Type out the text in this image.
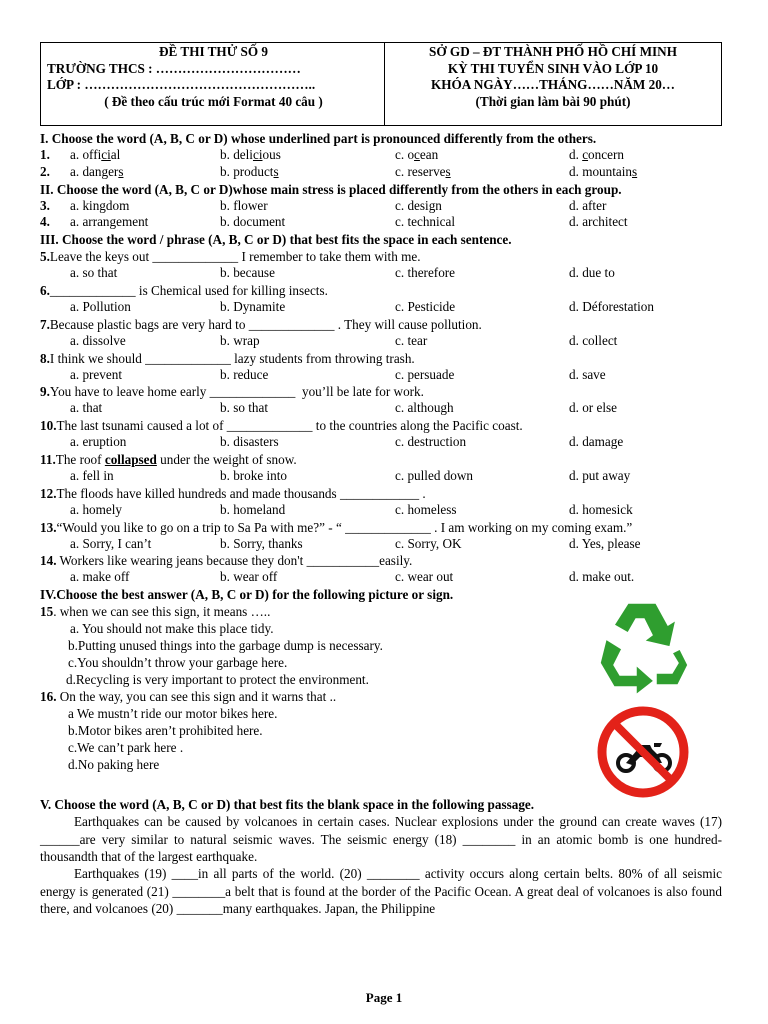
ĐỀ THI THỬ SỐ 9
TRƯỜNG THCS : ……………………………
LỚP : ……………………………………………..
( Đề theo cấu trúc mới Format 40 câu )
SỞ GD – ĐT THÀNH PHỐ HỒ CHÍ MINH
KỲ THI TUYỂN SINH VÀO LỚP 10
KHÓA NGÀY……THÁNG……NĂM 20…
(Thời gian làm bài 90 phút)
I. Choose the word (A, B, C or D) whose underlined part is pronounced differently from the others.
1.	a. official	b. delicious	c. ocean	d. concern
2.	a. dangers	b. products	c. reserves	d. mountains
II. Choose the word (A, B, C or D)whose main stress is placed differently from the others in each group.
3.	a. kingdom	b. flower	c. design	d. after
4.	a. arrangement	b. document	c. technical	d. architect
III. Choose the word / phrase (A, B, C or D) that best fits the space in each sentence.
5.Leave the keys out _____________ I remember to take them with me.
a. so that	b. because	c. therefore	d. due to
6._____________ is Chemical used for killing insects.
a. Pollution	b. Dynamite	c. Pesticide	d. Déforestation
7.Because plastic bags are very hard to _____________ . They will cause pollution.
a. dissolve	b. wrap	c. tear	d. collect
8.I think we should _____________ lazy students from throwing trash.
a. prevent	b. reduce	c. persuade	d. save
9.You have to leave home early _____________  you’ll be late for work.
a. that	b. so that	c. although	d. or else
10.The last tsunami caused a lot of _____________ to the countries along the Pacific coast.
a. eruption	b. disasters	c. destruction	d. damage
11.The roof collapsed under the weight of snow.
a. fell in	b. broke into	c. pulled down	d. put away
12.The floods have killed hundreds and made thousands ____________ .
a. homely	b. homeland	c. homeless	d. homesick
13.“Would you like to go on a trip to Sa Pa with me?” - “ _____________ . I am working on my coming exam.”
a. Sorry, I can’t	b. Sorry, thanks	c. Sorry, OK	d. Yes, please
14. Workers like wearing jeans because they don't ___________easily.
a. make off	b. wear off	c. wear out	d. make out.
IV.Choose the best answer (A, B, C or D) for the following picture or sign.
15. when we can see this sign, it means …..
a. You should not make this place tidy.
b.Putting unused things into the garbage dump is necessary.
c.You shouldn’t throw your garbage here.
d.Recycling is very important to protect the environment.
16. On the way, you can see this sign and it warns that ..
a We mustn’t ride our motor bikes here.
b.Motor bikes aren’t prohibited here.
c.We can’t park here .
d.No paking here
V. Choose the word (A, B, C or D) that best fits the blank space in the following passage.

Earthquakes can be caused by volcanoes in certain cases. Nuclear explosions under the ground can create waves (17) ______are very similar to natural seismic waves. The seismic energy (18) ________ in an atomic bomb is one hundred-thousandth that of the largest earthquake.

Earthquakes (19) ____in all parts of the world. (20) ________ activity occurs along certain belts. 80% of all seismic energy is generated (21) ________a belt that is found at the border of the Pacific Ocean. A great deal of volcanoes is also found there, and volcanoes (20) _______many earthquakes. Japan, the Philippine

Page 1
